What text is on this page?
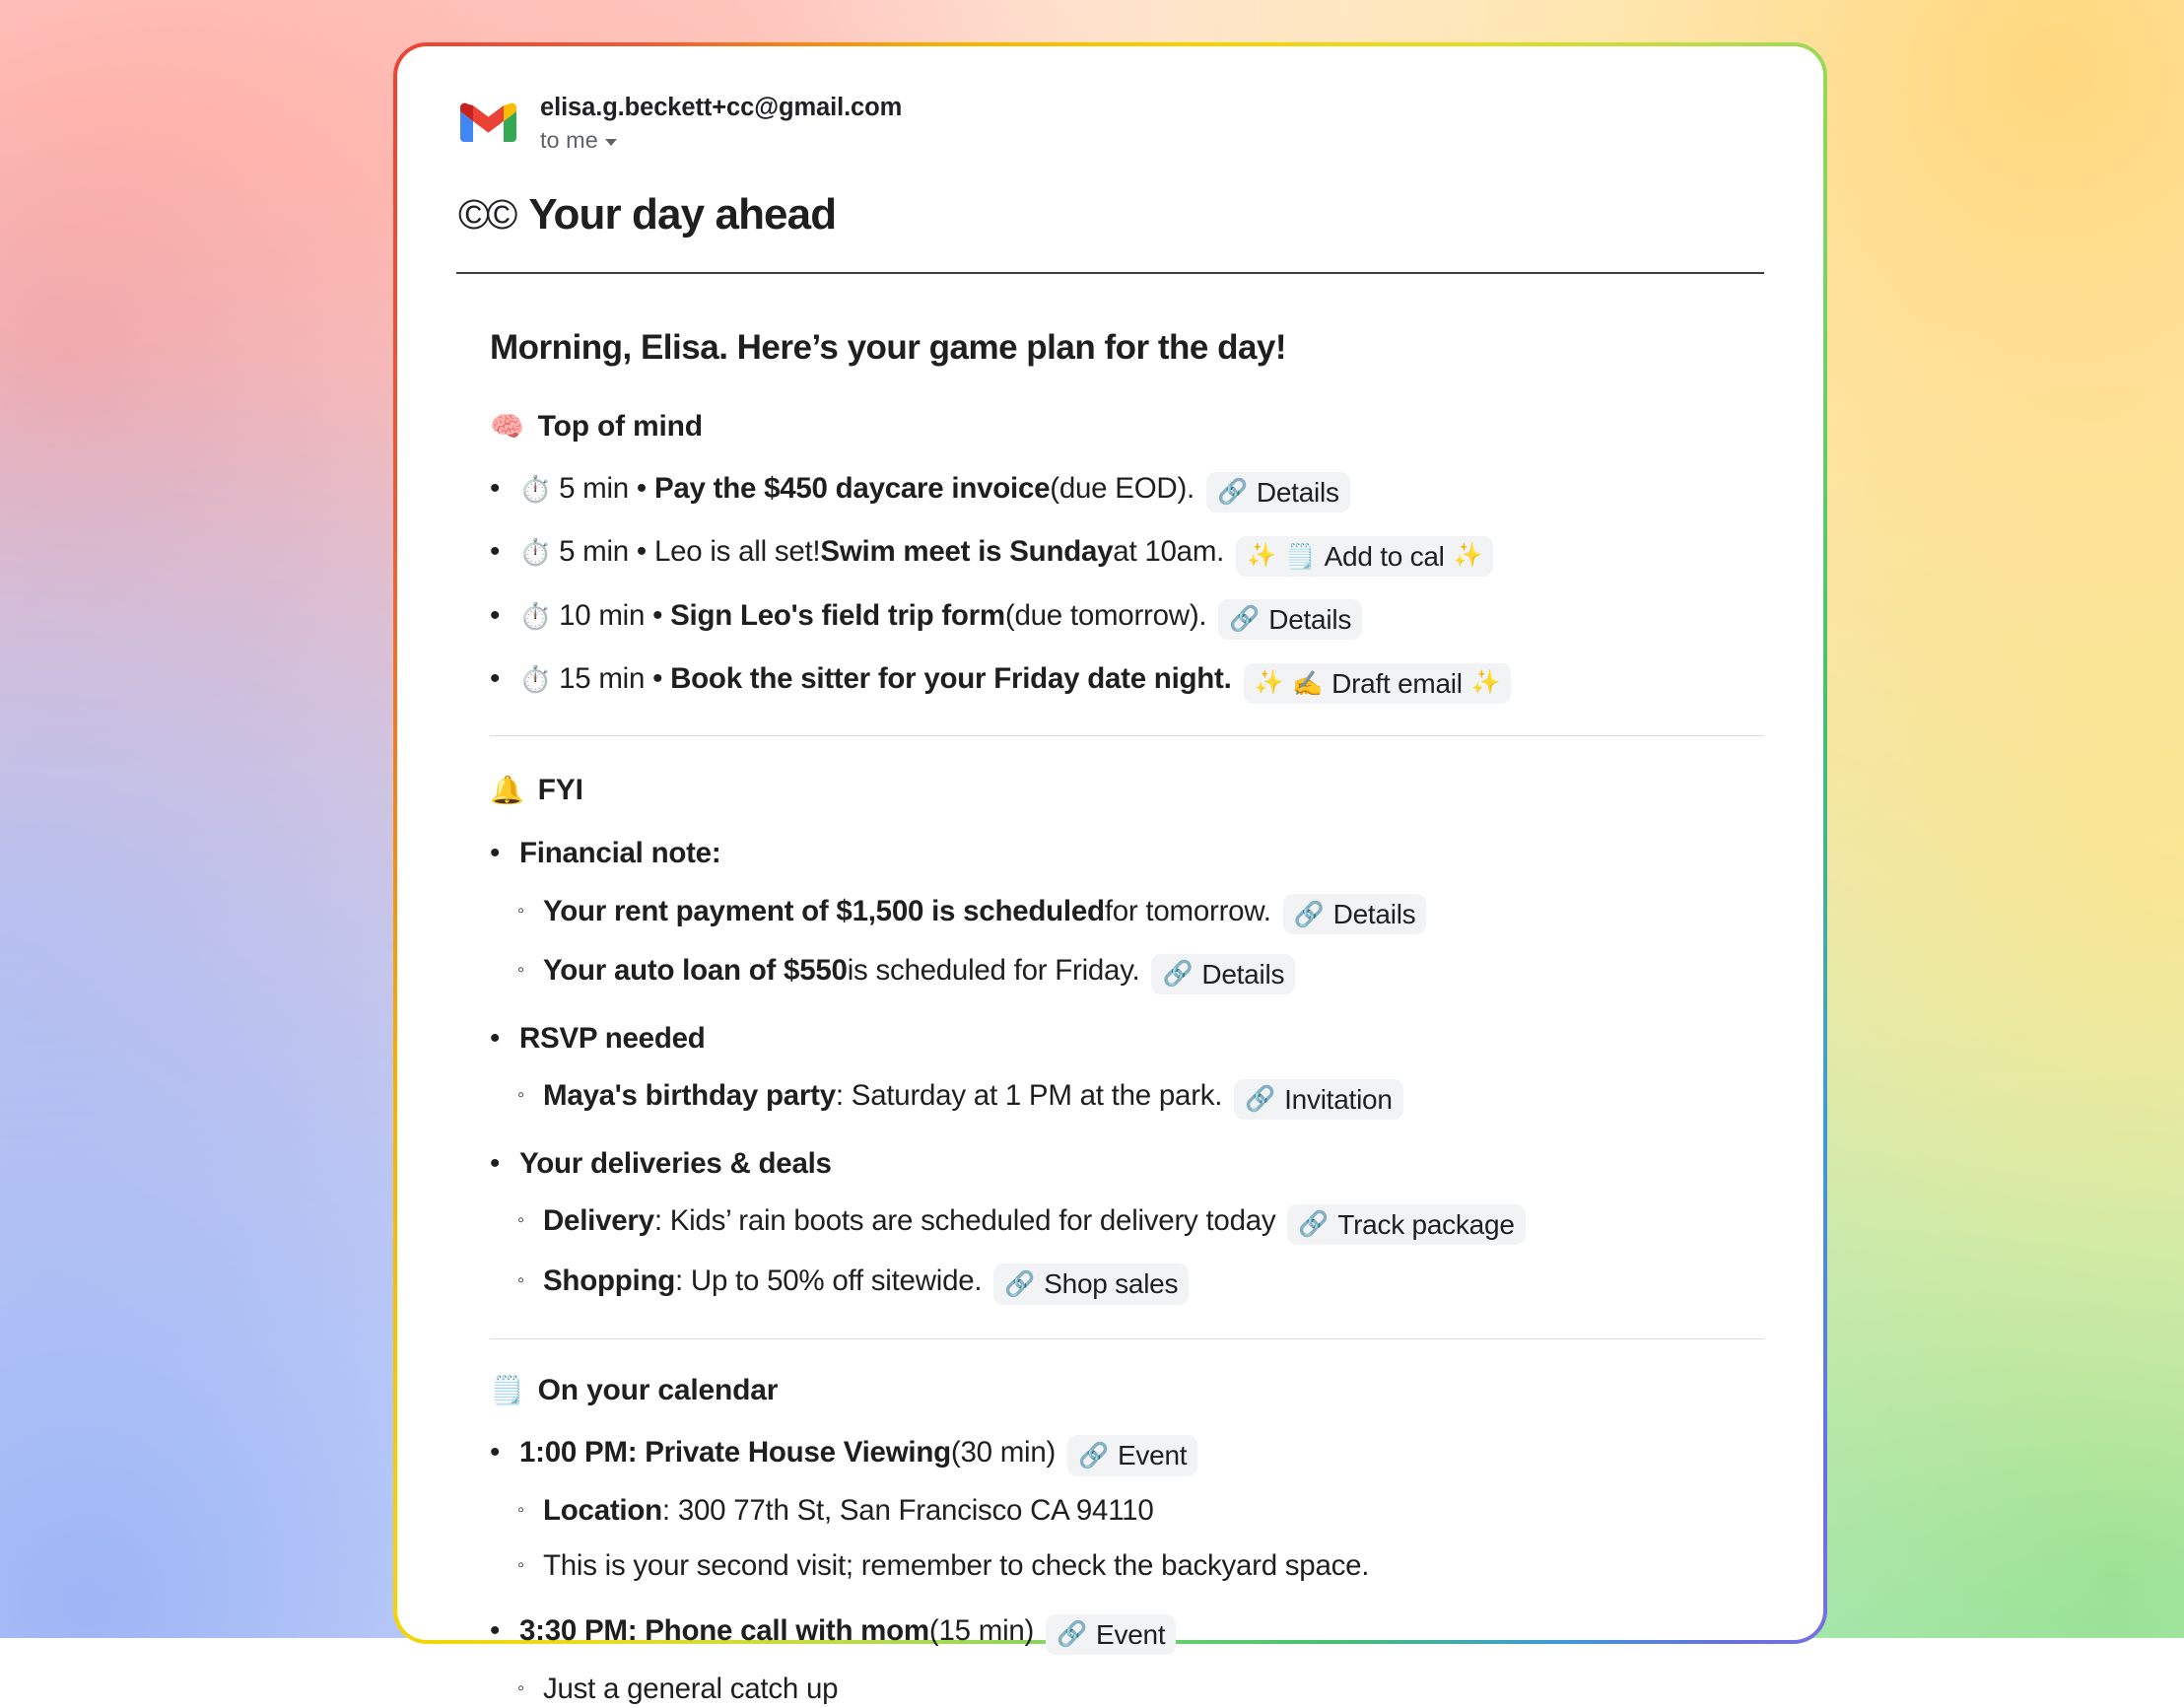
elisa.g.beckett+cc@gmail.com
to me
©© Your day ahead
Morning, Elisa. Here’s your game plan for the day!
🧠 Top of mind
• ⏱️
5 min
•
Pay the $450 daycare invoice (due EOD). 🔗 Details
• ⏱️
5 min
•
Leo is all set! Swim meet is Sunday at 10am. ✨ 🗒️ Add to cal ✨
• ⏱️
10 min
•
Sign Leo's field trip form (due tomorrow). 🔗 Details
• ⏱️
15 min
•
Book the sitter for your Friday date night. ✨ ✍️ Draft email ✨
🔔 FYI
• Financial note:
◦ Your rent payment of $1,500 is scheduled for tomorrow. 🔗 Details
◦ Your auto loan of $550 is scheduled for Friday. 🔗 Details
• RSVP needed
◦ Maya's birthday party : Saturday at 1 PM at the park. 🔗 Invitation
• Your deliveries & deals
◦ Delivery : Kids’ rain boots are scheduled for delivery today 🔗 Track package
◦ Shopping : Up to 50% off sitewide. 🔗 Shop sales
🗒️ On your calendar
• 1:00 PM: Private House Viewing (30 min) 🔗 Event
◦ Location : 300 77th St, San Francisco CA 94110
◦ This is your second visit; remember to check the backyard space.
• 3:30 PM: Phone call with mom (15 min) 🔗 Event
◦ Just a general catch up
